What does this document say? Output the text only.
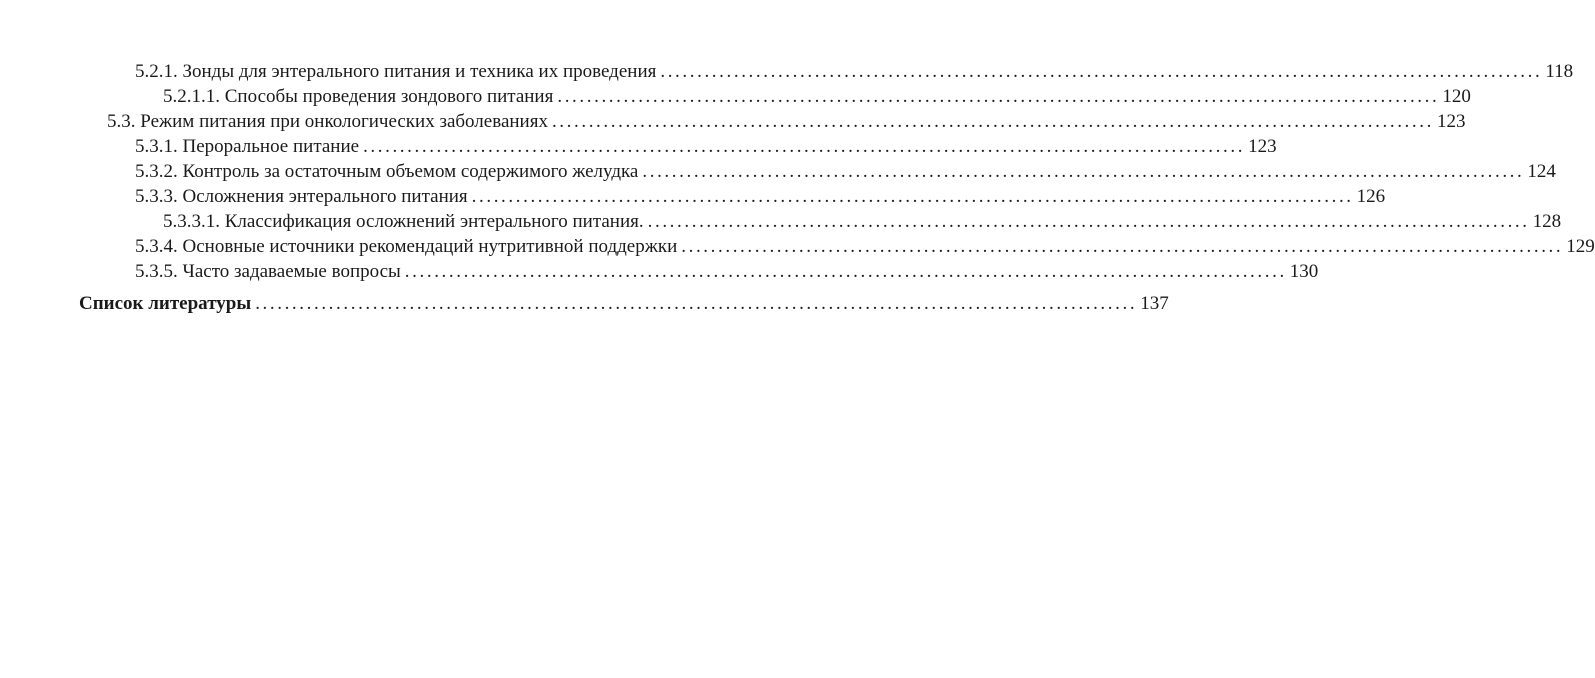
5.2.1. Зонды для энтерального питания и техника их проведения ........................................................................................................................ 118
5.2.1.1. Способы проведения зондового питания ........................................................................................................................ 120
5.3. Режим питания при онкологических заболеваниях ........................................................................................................................ 123
5.3.1. Пероральное питание ........................................................................................................................ 123
5.3.2. Контроль за остаточным объемом содержимого желудка ........................................................................................................................ 124
5.3.3. Осложнения энтерального питания ........................................................................................................................ 126
5.3.3.1. Классификация осложнений энтерального питания. ........................................................................................................................ 128
5.3.4. Основные источники рекомендаций нутритивной поддержки ........................................................................................................................ 129
5.3.5. Часто задаваемые вопросы ........................................................................................................................ 130
Список литературы ........................................................................................................................ 137
